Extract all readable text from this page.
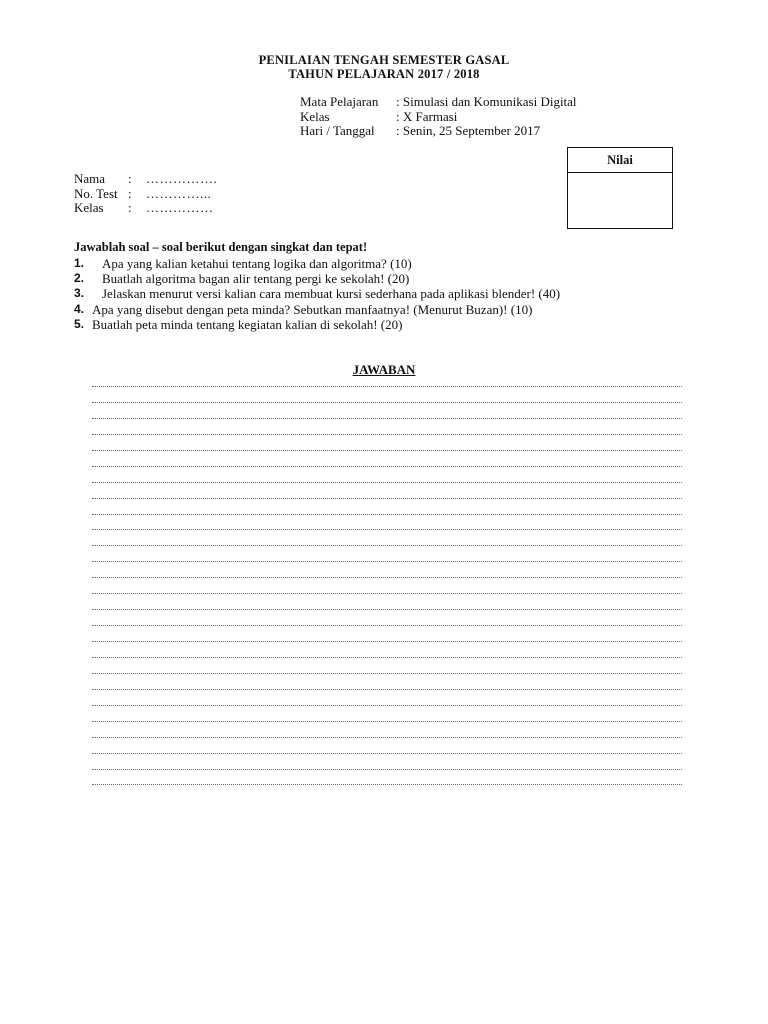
PENILAIAN TENGAH SEMESTER GASAL
TAHUN PELAJARAN 2017 / 2018
Mata Pelajaran	: Simulasi dan Komunikasi Digital
Kelas	: X Farmasi
Hari / Tanggal	: Senin, 25 September 2017
Nilai
Nama	:	…………….
No. Test :	…………...
Kelas	:	……………
Jawablah soal – soal berikut dengan singkat dan tepat!
1.	Apa yang kalian ketahui tentang logika dan algoritma? (10)
2.	Buatlah algoritma bagan alir tentang pergi ke sekolah! (20)
3.	Jelaskan menurut versi kalian cara membuat kursi sederhana pada aplikasi blender! (40)
4. Apa yang disebut dengan peta minda? Sebutkan manfaatnya! (Menurut Buzan)! (10)
5. Buatlah peta minda tentang kegiatan kalian di sekolah! (20)
JAWABAN
